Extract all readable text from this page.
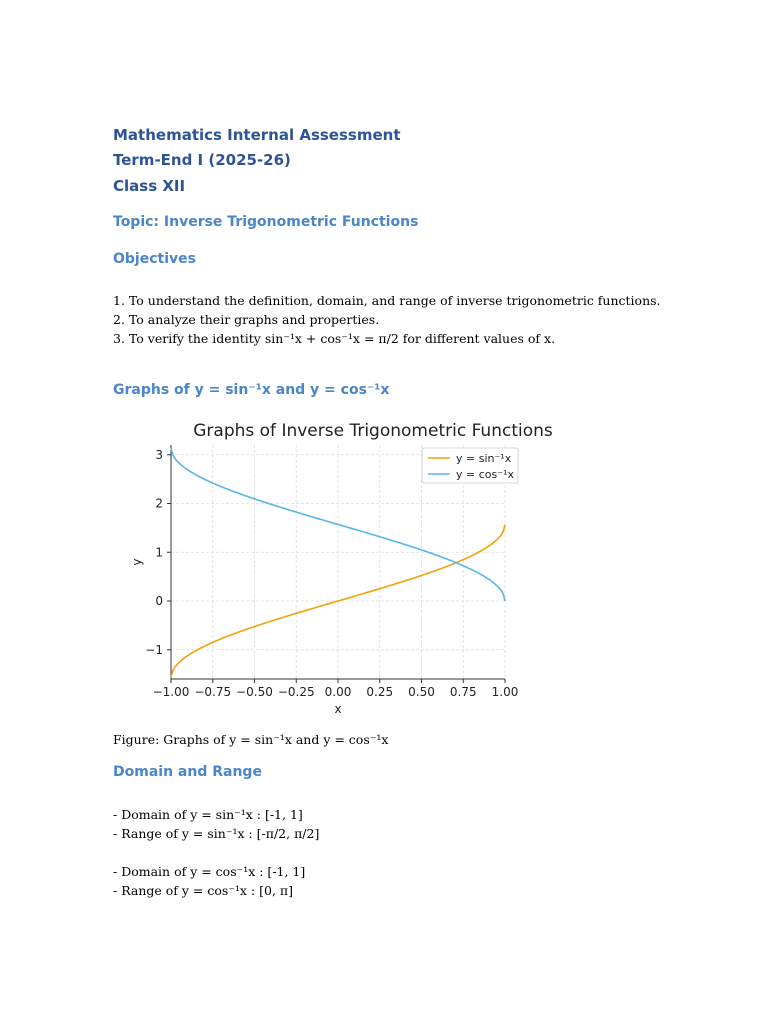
Mathematics Internal Assessment
Term-End I (2025-26)
Class XII
Topic: Inverse Trigonometric Functions
Objectives
1. To understand the definition, domain, and range of inverse trigonometric functions.
2. To analyze their graphs and properties.
3. To verify the identity sin⁻¹x + cos⁻¹x = π/2 for different values of x.
Graphs of y = sin⁻¹x and y = cos⁻¹x
Graphs of Inverse Trigonometric Functions
−1.00 −0.75 −0.50 −0.25 0.00 0.25 0.50 0.75 1.00
−1
0
1
2
3
x
y
y = sin⁻¹x
y = cos⁻¹x
Figure: Graphs of y = sin⁻¹x and y = cos⁻¹x
Domain and Range
- Domain of y = sin⁻¹x : [-1, 1]
- Range of y = sin⁻¹x : [-π/2, π/2]
- Domain of y = cos⁻¹x : [-1, 1]
- Range of y = cos⁻¹x : [0, π]
